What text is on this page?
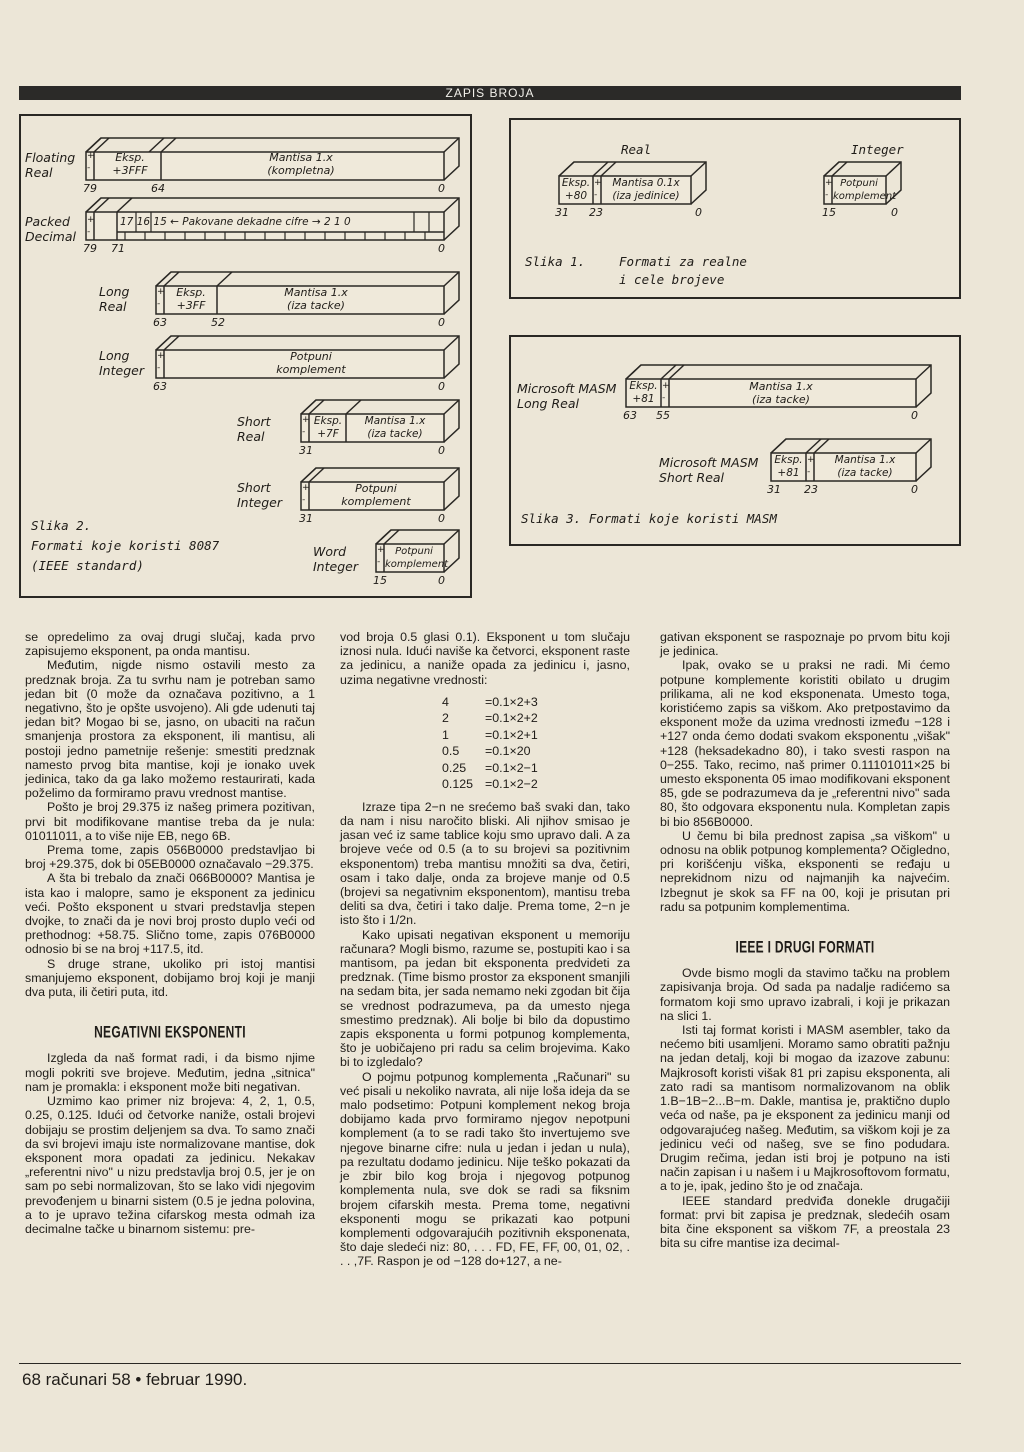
ZAPIS BROJA
Floating
Real
+
-
Eksp.
+3FFF
Mantisa 1.x
(kompletna)
79	64	0
Packed
Decimal
+
-
17 16 15 ← Pakovane dekadne cifre → 2 1 0
79 71	0
Long
Real
+
-
Eksp.
+3FF
Mantisa 1.x
(iza tacke)
63	52	0
Long
Integer
+
-
Potpuni
komplement
63	0
Short
Real
+
-
Eksp.
+7F
Mantisa 1.x
(iza tacke)
31	0
Short
Integer
+
-
Potpuni
komplement
31	0
Word
Integer
+
-
Potpuni
komplement
15	0
Slika 2.
Formati koje koristi 8087
(IEEE standard)
Real	Integer
Eksp.
+80
+
-
Mantisa 0.1x
(iza jedinice)
31 23	0
+
-
Potpuni
komplement
15	0
Slika 1.	Formati za realne
i cele brojeve
Microsoft MASM
Long Real
Eksp.
+81
+
-
Mantisa 1.x
(iza tacke)
63 55	0
Microsoft MASM
Short Real
Eksp.
+81
+
-
Mantisa 1.x
(iza tacke)
31 23	0
Slika 3. Formati koje koristi MASM

se opredelimo za ovaj drugi slučaj, kada prvo zapisujemo eksponent, pa onda mantisu.

Međutim, nigde nismo ostavili mesto za predznak broja. Za tu svrhu nam je potreban samo jedan bit (0 može da označava pozitivno, a 1 negativno, što je opšte usvojeno). Ali gde udenuti taj jedan bit? Mogao bi se, jasno, on ubaciti na račun smanjenja prostora za eksponent, ili mantisu, ali postoji jedno pametnije rešenje: smestiti predznak namesto prvog bita mantise, koji je ionako uvek jedinica, tako da ga lako možemo restaurirati, kada poželimo da formiramo pravu vrednost mantise.

Pošto je broj 29.375 iz našeg primera pozitivan, prvi bit modifikovane mantise treba da je nula: 01011011, a to više nije EB, nego 6B.

Prema tome, zapis 056B0000 predstavljao bi broj +29.375, dok bi 05EB0000 označavalo −29.375.

A šta bi trebalo da znači 066B0000? Mantisa je ista kao i malopre, samo je eksponent za jedinicu veći. Pošto eksponent u stvari predstavlja stepen dvojke, to znači da je novi broj prosto duplo veći od prethodnog: +58.75. Slično tome, zapis 076B0000 odnosio bi se na broj +117.5, itd.

S druge strane, ukoliko pri istoj mantisi smanjujemo eksponent, dobijamo broj koji je manji dva puta, ili četiri puta, itd.

NEGATIVNI EKSPONENTI

Izgleda da naš format radi, i da bismo njime mogli pokriti sve brojeve. Međutim, jedna „sitnica" nam je promakla: i eksponent može biti negativan.

Uzmimo kao primer niz brojeva: 4, 2, 1, 0.5, 0.25, 0.125. Idući od četvorke naniže, ostali brojevi dobijaju se prostim deljenjem sa dva. To samo znači da svi brojevi imaju iste normalizovane mantise, dok eksponent mora opadati za jedinicu. Nekakav „referentni nivo" u nizu predstavlja broj 0.5, jer je on sam po sebi normalizovan, što se lako vidi njegovim prevođenjem u binarni sistem (0.5 je jedna polovina, a to je upravo težina cifarskog mesta odmah iza decimalne tačke u binarnom sistemu: pre-

vod broja 0.5 glasi 0.1). Eksponent u tom slučaju iznosi nula. Idući naviše ka četvorci, eksponent raste za jedinicu, a naniže opada za jedinicu i, jasno, uzima negativne vrednosti:

4	=0.1×2+3
2	=0.1×2+2
1	=0.1×2+1
0.5	=0.1×20
0.25	=0.1×2−1
0.125	=0.1×2−2

Izraze tipa 2−n ne srećemo baš svaki dan, tako da nam i nisu naročito bliski. Ali njihov smisao je jasan već iz same tablice koju smo upravo dali. A za brojeve veće od 0.5 (a to su brojevi sa pozitivnim eksponentom) treba mantisu množiti sa dva, četiri, osam i tako dalje, onda za brojeve manje od 0.5 (brojevi sa negativnim eksponentom), mantisu treba deliti sa dva, četiri i tako dalje. Prema tome, 2−n je isto što i 1/2n.

Kako upisati negativan eksponent u memoriju računara? Mogli bismo, razume se, postupiti kao i sa mantisom, pa jedan bit eksponenta predvideti za predznak. (Time bismo prostor za eksponent smanjili na sedam bita, jer sada nemamo neki zgodan bit čija se vrednost podrazumeva, pa da umesto njega smestimo predznak). Ali bolje bi bilo da dopustimo zapis eksponenta u formi potpunog komplementa, što je uobičajeno pri radu sa celim brojevima. Kako bi to izgledalo?

O pojmu potpunog komplementa „Računari" su već pisali u nekoliko navrata, ali nije loša ideja da se malo podsetimo: Potpuni komplement nekog broja dobijamo kada prvo formiramo njegov nepotpuni komplement (a to se radi tako što invertujemo sve njegove binarne cifre: nula u jedan i jedan u nula), pa rezultatu dodamo jedinicu. Nije teško pokazati da je zbir bilo kog broja i njegovog potpunog komplementa nula, sve dok se radi sa fiksnim brojem cifarskih mesta. Prema tome, negativni eksponenti mogu se prikazati kao potpuni komplementi odgovarajućih pozitivnih eksponenata, što daje sledeći niz: 80, . . . FD, FE, FF, 00, 01, 02, . . . ,7F. Raspon je od −128 do+127, a ne-

gativan eksponent se raspoznaje po prvom bitu koji je jedinica.

Ipak, ovako se u praksi ne radi. Mi ćemo potpune komplemente koristiti obilato u drugim prilikama, ali ne kod eksponenata. Umesto toga, koristićemo zapis sa viškom. Ako pretpostavimo da eksponent može da uzima vrednosti između −128 i +127 onda ćemo dodati svakom eksponentu „višak" +128 (heksadekadno 80), i tako svesti raspon na 0−255. Tako, recimo, naš primer 0.11101011×25 bi umesto eksponenta 05 imao modifikovani eksponent 85, gde se podrazumeva da je „referentni nivo" sada 80, što odgovara eksponentu nula. Kompletan zapis bi bio 856B0000.

U čemu bi bila prednost zapisa „sa viškom" u odnosu na oblik potpunog komplementa? Očigledno, pri korišćenju viška, eksponenti se ređaju u neprekidnom nizu od najmanjih ka najvećim. Izbegnut je skok sa FF na 00, koji je prisutan pri radu sa potpunim komplementima.

IEEE I DRUGI FORMATI

Ovde bismo mogli da stavimo tačku na problem zapisivanja broja. Od sada pa nadalje radićemo sa formatom koji smo upravo izabrali, i koji je prikazan na slici 1.

Isti taj format koristi i MASM asembler, tako da nećemo biti usamljeni. Moramo samo obratiti pažnju na jedan detalj, koji bi mogao da izazove zabunu: Majkrosoft koristi višak 81 pri zapisu eksponenta, ali zato radi sa mantisom normalizovanom na oblik 1.B−1B−2...B−m. Dakle, mantisa je, praktično duplo veća od naše, pa je eksponent za jedinicu manji od odgovarajućeg našeg. Međutim, sa viškom koji je za jedinicu veći od našeg, sve se fino podudara. Drugim rečima, jedan isti broj je potpuno na isti način zapisan i u našem i u Majkrosoftovom formatu, a to je, ipak, jedino što je od značaja.

IEEE standard predviđa donekle drugačiji format: prvi bit zapisa je predznak, sledećih osam bita čine eksponent sa viškom 7F, a preostala 23 bita su cifre mantise iza decimal-

68 računari 58 • februar 1990.
